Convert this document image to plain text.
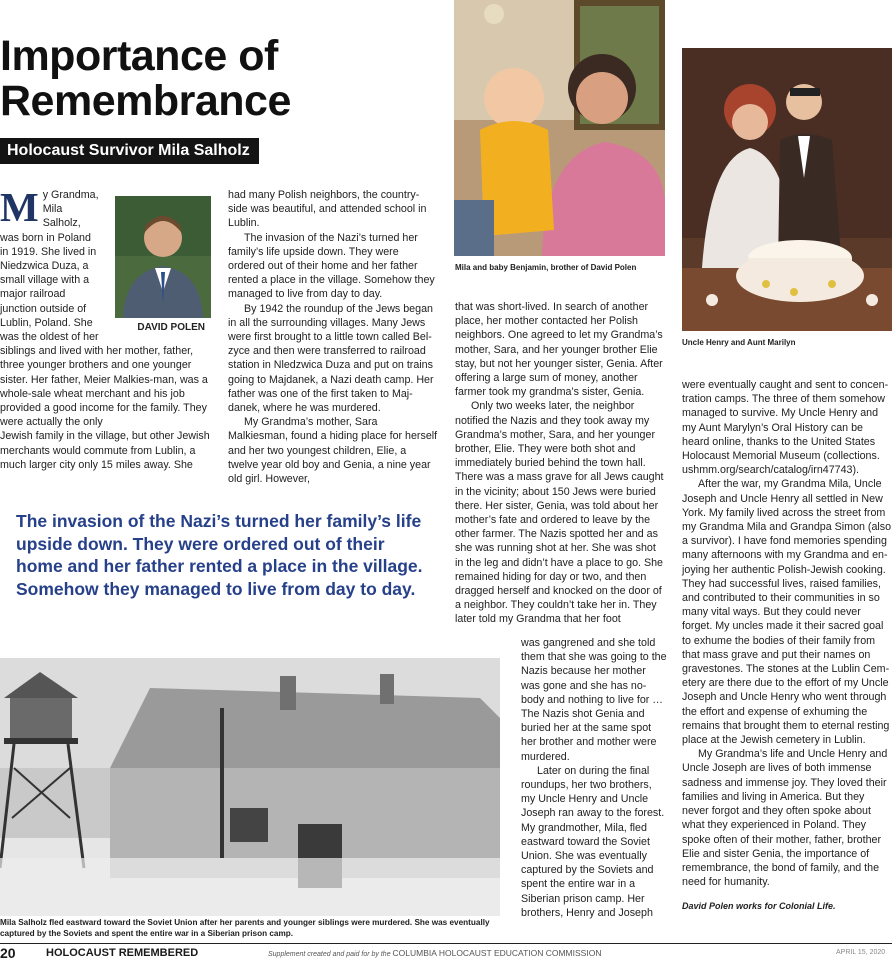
Importance of
Remembrance
Holocaust Survivor Mila Salholz
M
DAVID POLEN
y Grandma, Mila Salholz, was born in Poland in 1919. She lived in Niedzwica Duza, a small village with a major railroad junction outside of Lublin, Poland. She was the oldest of her siblings and lived with her mother, father, three younger brothers and one younger sister. Her father, Meier Malkies-man, was a whole-sale wheat merchant and his job provided a good income for the family. They were actually the only

Jewish family in the village, but other Jewish merchants would commute from Lublin, a much larger city only 15 miles away. She

had many Polish neighbors, the country-side was beautiful, and attended school in Lublin.

The invasion of the Nazi’s turned her family’s life upside down. They were ordered out of their home and her father rented a place in the village. Somehow they managed to live from day to day.

By 1942 the roundup of the Jews began in all the surrounding villages. Many Jews were first brought to a little town called Bel-zyce and then were transferred to railroad station in Nledzwica Duza and put on trains going to Majdanek, a Nazi death camp. Her father was one of the first taken to Maj-danek, where he was murdered.

My Grandma’s mother, Sara Malkiesman, found a hiding place for herself and her two youngest children, Elie, a twelve year old boy and Genia, a nine year old girl. However,

The invasion of the Nazi’s turned her family’s life upside down. They were ordered out of their home and her father rented a place in the village. Somehow they managed to live from day to day.
Mila and baby Benjamin, brother of David Polen
Uncle Henry and Aunt Marilyn

that was short-lived. In search of another place, her mother contacted her Polish neighbors. One agreed to let my Grandma’s mother, Sara, and her younger brother Elie stay, but not her younger sister, Genia. After offering a large sum of money, another farmer took my grandma’s sister, Genia.

Only two weeks later, the neighbor notified the Nazis and they took away my Grandma’s mother, Sara, and her younger brother, Elie. They were both shot and immediately buried behind the town hall. There was a mass grave for all Jews caught in the vicinity; about 150 Jews were buried there. Her sister, Genia, was told about her mother’s fate and ordered to leave by the other farmer. The Nazis spotted her and as she was running shot at her. She was shot in the leg and didn’t have a place to go. She remained hiding for day or two, and then dragged herself and knocked on the door of a neighbor. They couldn’t take her in. They later told my Grandma that her foot

was gangrened and she told them that she was going to the Nazis because her mother was gone and she has no-body and nothing to live for … The Nazis shot Genia and buried her at the same spot her brother and mother were murdered.

Later on during the final roundups, her two brothers, my Uncle Henry and Uncle Joseph ran away to the forest. My grandmother, Mila, fled eastward toward the Soviet Union. She was eventually captured by the Soviets and spent the entire war in a Siberian prison camp. Her brothers, Henry and Joseph

were eventually caught and sent to concen-tration camps. The three of them somehow managed to survive. My Uncle Henry and my Aunt Marylyn’s Oral History can be heard online, thanks to the United States Holocaust Memorial Museum (collections. ushmm.org/search/catalog/irn47743).

After the war, my Grandma Mila, Uncle Joseph and Uncle Henry all settled in New York. My family lived across the street from my Grandma Mila and Grandpa Simon (also a survivor). I have fond memories spending many afternoons with my Grandma and en-joying her authentic Polish-Jewish cooking. They had successful lives, raised families, and contributed to their communities in so many vital ways. But they could never forget. My uncles made it their sacred goal to exhume the bodies of their family from that mass grave and put their names on gravestones. The stones at the Lublin Cem-etery are there due to the effort of my Uncle Joseph and Uncle Henry who went through the effort and expense of exhuming the remains that brought them to eternal resting place at the Jewish cemetery in Lublin.

My Grandma’s life and Uncle Henry and Uncle Joseph are lives of both immense sadness and immense joy. They loved their families and living in America. But they never forgot and they often spoke about what they experienced in Poland. They spoke often of their mother, father, brother Elie and sister Genia, the importance of remembrance, the bond of family, and the need for humanity.

David Polen works for Colonial Life.

Mila Salholz fled eastward toward the Soviet Union after her parents and younger siblings were murdered. She was eventually captured by the Soviets and spent the entire war in a Siberian prison camp.
20	HOLOCAUST REMEMBERED	Supplement created and paid for by the COLUMBIA HOLOCAUST EDUCATION COMMISSION	APRIL 15, 2020
